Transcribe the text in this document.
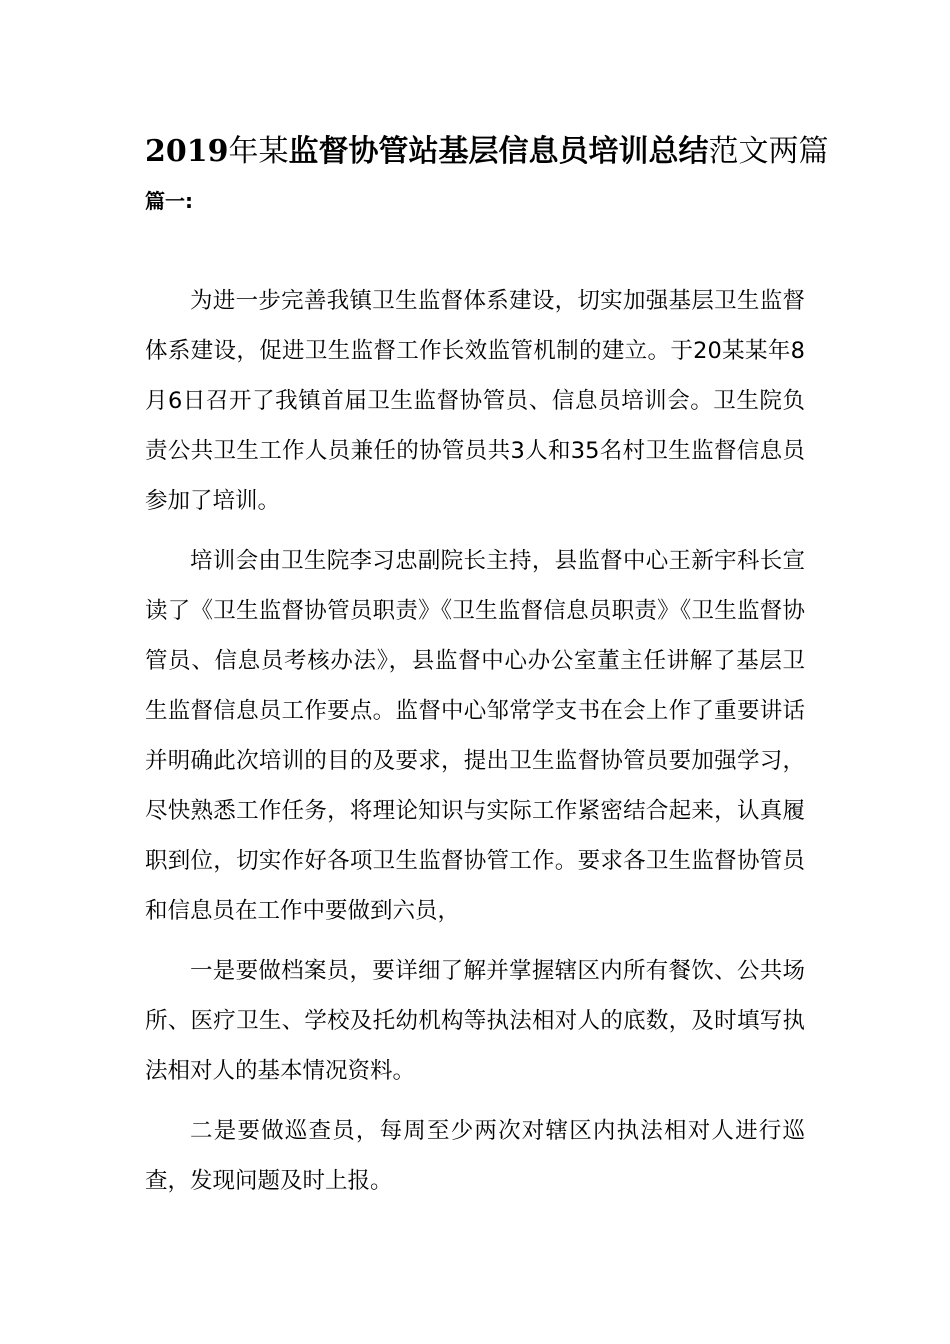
2019年某监督协管站基层信息员培训总结范文两篇
篇一:

为进一步完善我镇卫生监督体系建设，切实加强基层卫生监督体系建设，促进卫生监督工作长效监管机制的建立。于20某某年8月6日召开了我镇首届卫生监督协管员、信息员培训会。卫生院负责公共卫生工作人员兼任的协管员共3人和35名村卫生监督信息员参加了培训。

培训会由卫生院李习忠副院长主持，县监督中心王新宇科长宣读了《卫生监督协管员职责》《卫生监督信息员职责》《卫生监督协管员、信息员考核办法》，县监督中心办公室董主任讲解了基层卫生监督信息员工作要点。监督中心邹常学支书在会上作了重要讲话并明确此次培训的目的及要求，提出卫生监督协管员要加强学习，尽快熟悉工作任务，将理论知识与实际工作紧密结合起来，认真履职到位，切实作好各项卫生监督协管工作。要求各卫生监督协管员和信息员在工作中要做到六员，

一是要做档案员，要详细了解并掌握辖区内所有餐饮、公共场所、医疗卫生、学校及托幼机构等执法相对人的底数，及时填写执法相对人的基本情况资料。

二是要做巡查员，每周至少两次对辖区内执法相对人进行巡查，发现问题及时上报。
